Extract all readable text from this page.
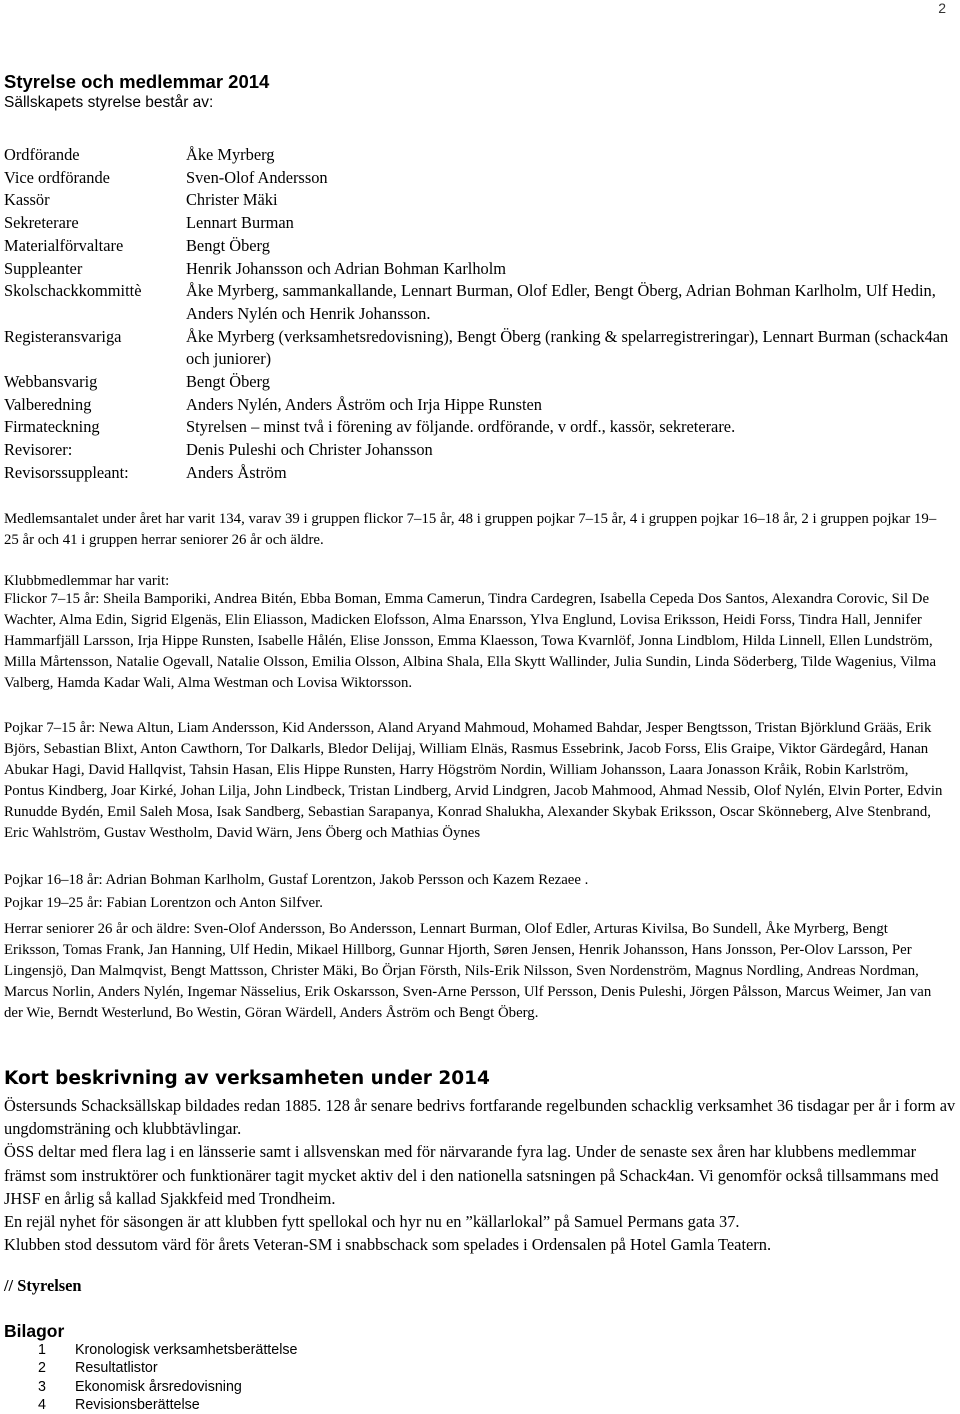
2
Styrelse och medlemmar 2014

Sällskapets styrelse består av:

Ordförande	Åke Myrberg
Vice ordförande	Sven-Olof Andersson
Kassör	Christer Mäki
Sekreterare	Lennart Burman
Materialförvaltare	Bengt Öberg
Suppleanter	Henrik Johansson och Adrian Bohman Karlholm
Skolschackkommittè	Åke Myrberg, sammankallande, Lennart Burman, Olof Edler, Bengt Öberg, Adrian Bohman Karlholm, Ulf Hedin, Anders Nylén och Henrik Johansson.
Registeransvariga	Åke Myrberg (verksamhetsredovisning), Bengt Öberg (ranking & spelarregistreringar), Lennart Burman (schack4an och juniorer)
Webbansvarig	Bengt Öberg
Valberedning	Anders Nylén, Anders Åström och Irja Hippe Runsten
Firmateckning	Styrelsen – minst två i förening av följande. ordförande, v ordf., kassör, sekreterare.
Revisorer:	Denis Puleshi och Christer Johansson
Revisorssuppleant:	Anders Åström

Medlemsantalet under året har varit 134, varav 39 i gruppen flickor 7–15 år, 48 i gruppen pojkar 7–15 år, 4 i gruppen pojkar 16–18 år, 2 i gruppen pojkar 19–25 år och 41 i gruppen herrar seniorer 26 år och äldre.

Klubbmedlemmar har varit:

Flickor 7–15 år: Sheila Bamporiki, Andrea Bitén, Ebba Boman, Emma Camerun, Tindra Cardegren, Isabella Cepeda Dos Santos, Alexandra Corovic, Sil De Wachter, Alma Edin, Sigrid Elgenäs, Elin Eliasson, Madicken Elofsson, Alma Enarsson, Ylva Englund, Lovisa Eriksson, Heidi Forss, Tindra Hall, Jennifer Hammarfjäll Larsson, Irja Hippe Runsten, Isabelle Hålén, Elise Jonsson, Emma Klaesson, Towa Kvarnlöf, Jonna Lindblom, Hilda Linnell, Ellen Lundström, Milla Mårtensson, Natalie Ogevall, Natalie Olsson, Emilia Olsson, Albina Shala, Ella Skytt Wallinder, Julia Sundin, Linda Söderberg, Tilde Wagenius, Vilma Valberg, Hamda Kadar Wali, Alma Westman och Lovisa Wiktorsson.

Pojkar 7–15 år: Newa Altun, Liam Andersson, Kid Andersson, Aland Aryand Mahmoud, Mohamed Bahdar, Jesper Bengtsson, Tristan Björklund Grääs, Erik Björs, Sebastian Blixt, Anton Cawthorn, Tor Dalkarls, Bledor Delijaj, William Elnäs, Rasmus Essebrink, Jacob Forss, Elis Graipe, Viktor Gärdegård, Hanan Abukar Hagi, David Hallqvist, Tahsin Hasan, Elis Hippe Runsten, Harry Högström Nordin, William Johansson, Laara Jonasson Kråik, Robin Karlström, Pontus Kindberg, Joar Kirké, Johan Lilja, John Lindbeck, Tristan Lindberg, Arvid Lindgren, Jacob Mahmood, Ahmad Nessib, Olof Nylén, Elvin Porter, Edvin Runudde Bydén, Emil Saleh Mosa, Isak Sandberg, Sebastian Sarapanya, Konrad Shalukha, Alexander Skybak Eriksson, Oscar Skönneberg, Alve Stenbrand, Eric Wahlström, Gustav Westholm, David Wärn, Jens Öberg och Mathias Öynes

Pojkar 16–18 år: Adrian Bohman Karlholm, Gustaf Lorentzon, Jakob Persson och Kazem Rezaee .

Pojkar 19–25 år: Fabian Lorentzon och Anton Silfver.

Herrar seniorer 26 år och äldre: Sven-Olof Andersson, Bo Andersson, Lennart Burman, Olof Edler, Arturas Kivilsa, Bo Sundell, Åke Myrberg, Bengt Eriksson, Tomas Frank, Jan Hanning, Ulf Hedin, Mikael Hillborg, Gunnar Hjorth, Søren Jensen, Henrik Johansson, Hans Jonsson, Per-Olov Larsson, Per Lingensjö, Dan Malmqvist, Bengt Mattsson, Christer Mäki, Bo Örjan Försth, Nils-Erik Nilsson, Sven Nordenström, Magnus Nordling, Andreas Nordman, Marcus Norlin, Anders Nylén, Ingemar Nässelius, Erik Oskarsson, Sven-Arne Persson, Ulf Persson, Denis Puleshi, Jörgen Pålsson, Marcus Weimer, Jan van der Wie, Berndt Westerlund, Bo Westin, Göran Wärdell, Anders Åström och Bengt Öberg.

Kort beskrivning av verksamheten under 2014

Östersunds Schacksällskap bildades redan 1885. 128 år senare bedrivs fortfarande regelbunden schacklig verksamhet 36 tisdagar per år i form av ungdomsträning och klubbtävlingar.
ÖSS deltar med flera lag i en länsserie samt i allsvenskan med för närvarande fyra lag. Under de senaste sex åren har klubbens medlemmar främst som instruktörer och funktionärer tagit mycket aktiv del i den nationella satsningen på Schack4an. Vi genomför också tillsammans med JHSF en årlig så kallad Sjakkfeid med Trondheim.
En rejäl nyhet för säsongen är att klubben fytt spellokal och hyr nu en ”källarlokal” på Samuel Permans gata 37.
Klubben stod dessutom värd för årets Veteran-SM i snabbschack som spelades i Ordensalen på Hotel Gamla Teatern.

// Styrelsen

Bilagor
1	Kronologisk verksamhetsberättelse
2	Resultatlistor
3	Ekonomisk årsredovisning
4	Revisionsberättelse
